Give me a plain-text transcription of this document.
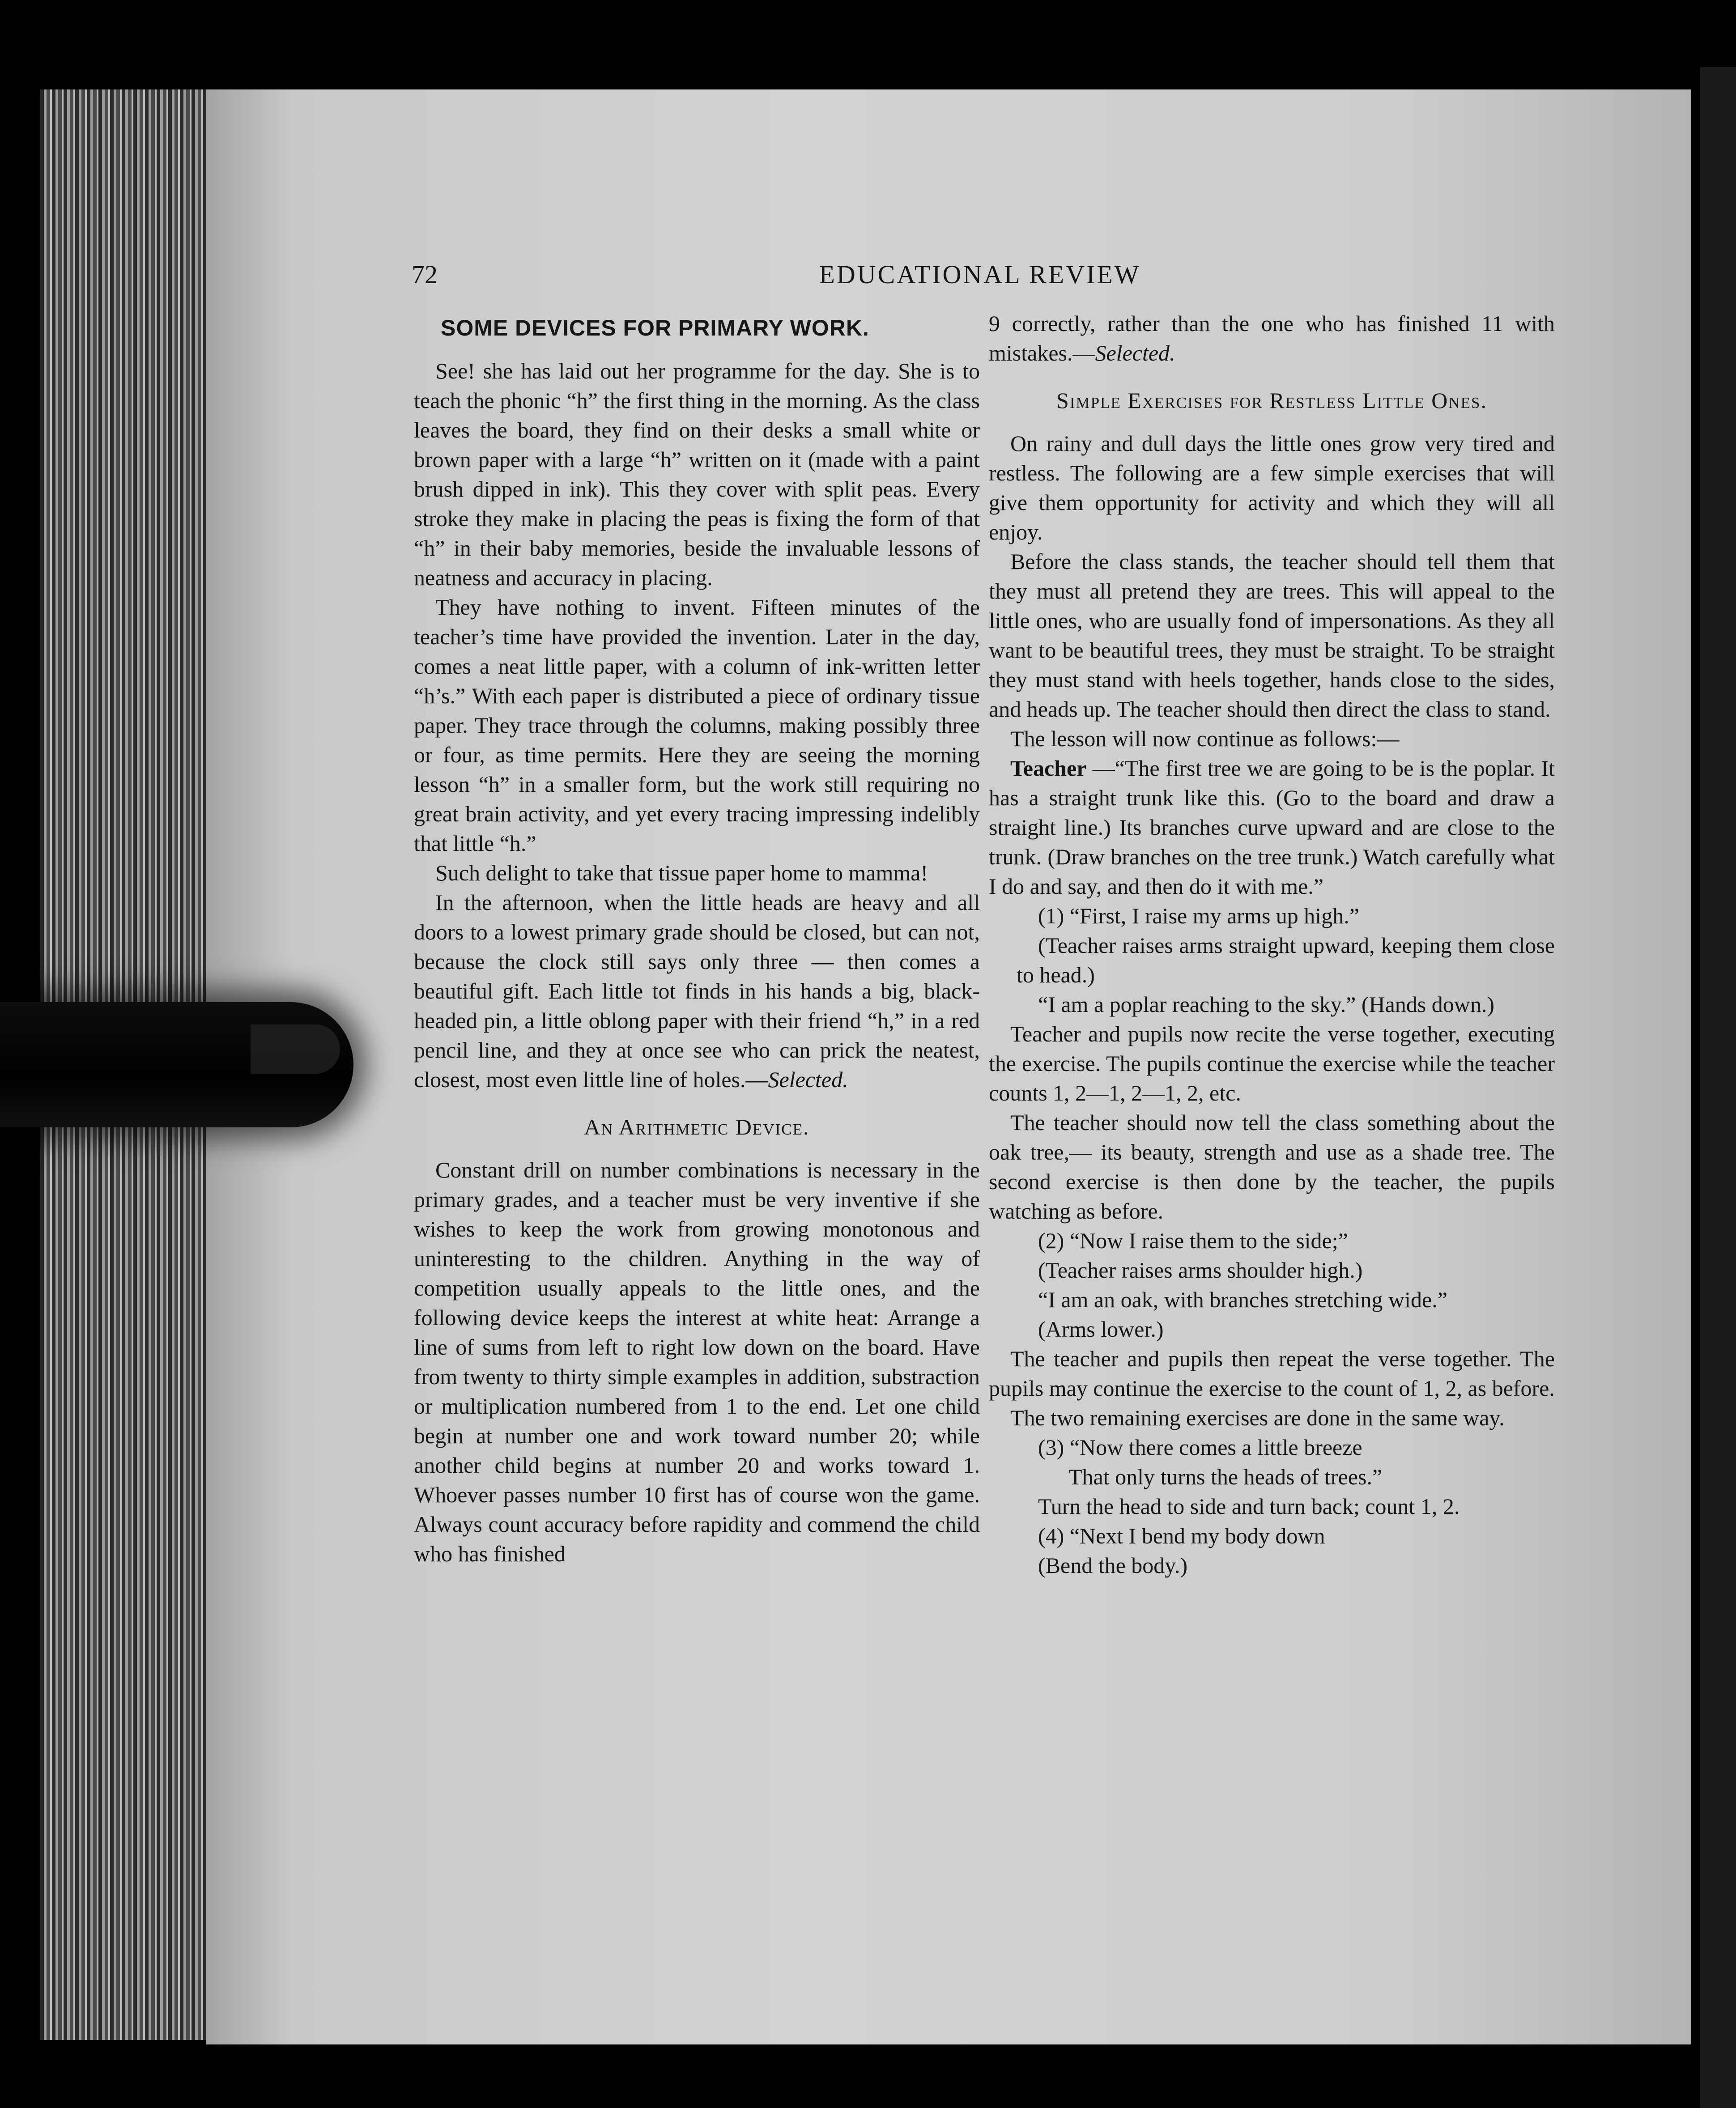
72	EDUCATIONAL REVIEW
SOME DEVICES FOR PRIMARY WORK.

See! she has laid out her programme for the day. She is to teach the phonic “h” the first thing in the morning. As the class leaves the board, they find on their desks a small white or brown paper with a large “h” written on it (made with a paint brush dipped in ink). This they cover with split peas. Every stroke they make in placing the peas is fixing the form of that “h” in their baby memories, beside the invaluable lessons of neatness and accuracy in placing.

They have nothing to invent. Fifteen minutes of the teacher’s time have provided the invention. Later in the day, comes a neat little paper, with a column of ink-written letter “h’s.” With each paper is distributed a piece of ordinary tissue paper. They trace through the columns, making possibly three or four, as time permits. Here they are seeing the morning lesson “h” in a smaller form, but the work still requiring no great brain activity, and yet every tracing impressing indelibly that little “h.”

Such delight to take that tissue paper home to mamma!

In the afternoon, when the little heads are heavy and all doors to a lowest primary grade should be closed, but can not, because the clock still says only three — then comes a beautiful gift. Each little tot finds in his hands a big, black-headed pin, a little oblong paper with their friend “h,” in a red pencil line, and they at once see who can prick the neatest, closest, most even little line of holes.—Selected.

An Arithmetic Device.

Constant drill on number combinations is necessary in the primary grades, and a teacher must be very inventive if she wishes to keep the work from growing monotonous and uninteresting to the children. Anything in the way of competition usually appeals to the little ones, and the following device keeps the interest at white heat: Arrange a line of sums from left to right low down on the board. Have from twenty to thirty simple examples in addition, substraction or multiplication numbered from 1 to the end. Let one child begin at number one and work toward number 20; while another child begins at number 20 and works toward 1. Whoever passes number 10 first has of course won the game. Always count accuracy before rapidity and commend the child who has finished

9 correctly, rather than the one who has finished 11 with mistakes.—Selected.

Simple Exercises for Restless Little Ones.

On rainy and dull days the little ones grow very tired and restless. The following are a few simple exercises that will give them opportunity for activity and which they will all enjoy.

Before the class stands, the teacher should tell them that they must all pretend they are trees. This will appeal to the little ones, who are usually fond of impersonations. As they all want to be beautiful trees, they must be straight. To be straight they must stand with heels together, hands close to the sides, and heads up. The teacher should then direct the class to stand.

The lesson will now continue as follows:—

Teacher —“The first tree we are going to be is the poplar. It has a straight trunk like this. (Go to the board and draw a straight line.) Its branches curve upward and are close to the trunk. (Draw branches on the tree trunk.) Watch carefully what I do and say, and then do it with me.”

(1) “First, I raise my arms up high.”

(Teacher raises arms straight upward, keeping them close to head.)

“I am a poplar reaching to the sky.” (Hands down.)

Teacher and pupils now recite the verse together, executing the exercise. The pupils continue the exercise while the teacher counts 1, 2—1, 2—1, 2, etc.

The teacher should now tell the class something about the oak tree,— its beauty, strength and use as a shade tree. The second exercise is then done by the teacher, the pupils watching as before.

(2) “Now I raise them to the side;”

(Teacher raises arms shoulder high.)

“I am an oak, with branches stretching wide.”

(Arms lower.)

The teacher and pupils then repeat the verse together. The pupils may continue the exercise to the count of 1, 2, as before.

The two remaining exercises are done in the same way.

(3) “Now there comes a little breeze

That only turns the heads of trees.”

Turn the head to side and turn back; count 1, 2.

(4) “Next I bend my body down

(Bend the body.)
